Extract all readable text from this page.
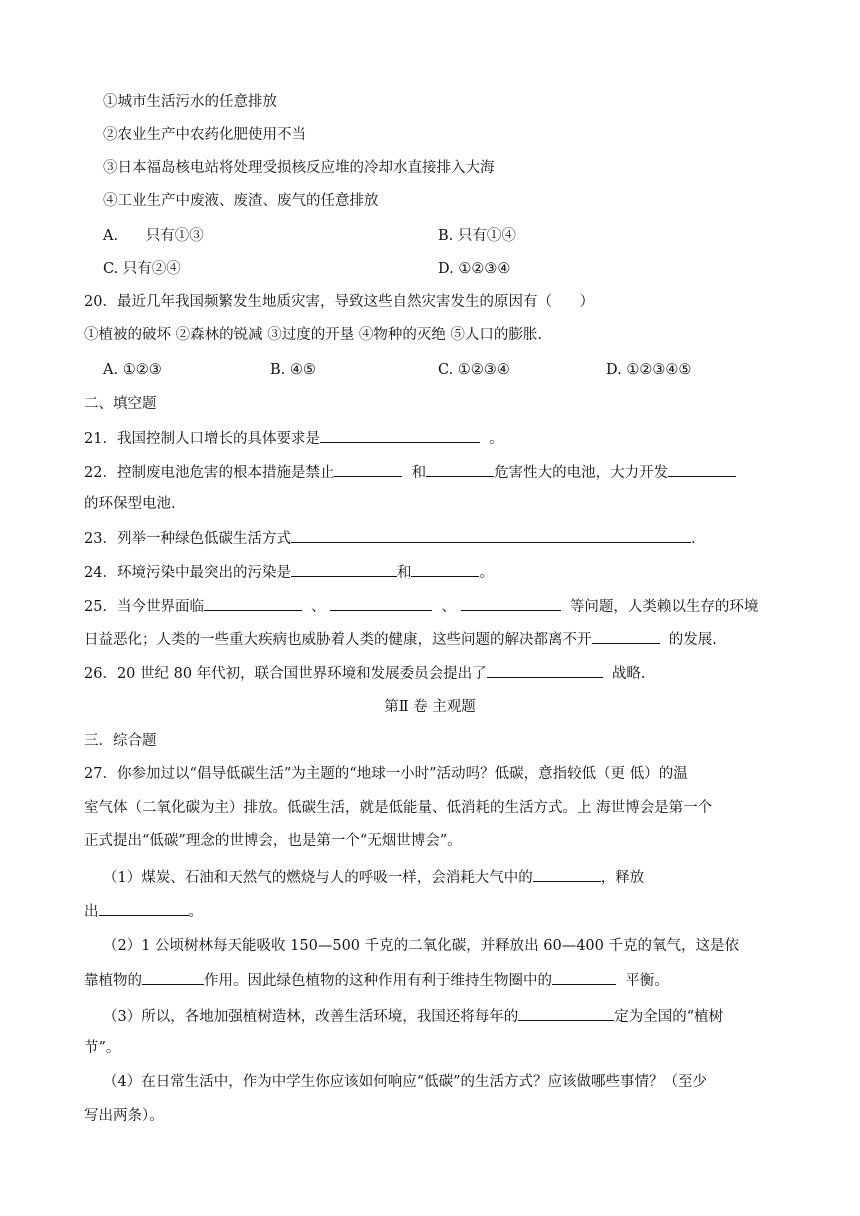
①城市生活污水的任意排放
②农业生产中农药化肥使用不当
③日本福岛核电站将处理受损核反应堆的冷却水直接排入大海
④工业生产中废液、废渣、废气的任意排放
A.      只有①③	B. 只有①④
C. 只有②④	D. ①②③④
20．最近几年我国频繁发生地质灾害，导致这些自然灾害发生的原因有（      ）
①植被的破坏 ②森林的锐减 ③过度的开垦 ④物种的灭绝 ⑤人口的膨胀.
A. ①②③	B. ④⑤	C. ①②③④	D. ①②③④⑤
二、填空题
21．我国控制人口增长的具体要求是	。
22．控制废电池危害的根本措施是禁止	和	危害性大的电池，大力开发
的环保型电池.
23．列举一种绿色低碳生活方式	.
24．环境污染中最突出的污染是	和	。
25．当今世界面临	、	、	等问题，人类赖以生存的环境
日益恶化；人类的一些重大疾病也威胁着人类的健康，这些问题的解决都离不开	的发展.
26．20 世纪 80 年代初，联合国世界环境和发展委员会提出了	战略.
第Ⅱ 卷 主观题
三．综合题
27．你参加过以“倡导低碳生活”为主题的“地球一小时”活动吗？低碳，意指较低（更 低）的温
室气体（二氧化碳为主）排放。低碳生活，就是低能量、低消耗的生活方式。上 海世博会是第一个
正式提出“低碳”理念的世博会，也是第一个“无烟世博会”。
（1）煤炭、石油和天然气的燃烧与人的呼吸一样，会消耗大气中的	，释放
出	。
（2）1 公顷树林每天能吸收 150—500 千克的二氧化碳，并释放出 60—400 千克的氧气，这是依
靠植物的	作用。因此绿色植物的这种作用有利于维持生物圈中的	平衡。
（3）所以，各地加强植树造林，改善生活环境，我国还将每年的	定为全国的“植树
节”。
（4）在日常生活中，作为中学生你应该如何响应“低碳”的生活方式？应该做哪些事情？（至少
写出两条）。
